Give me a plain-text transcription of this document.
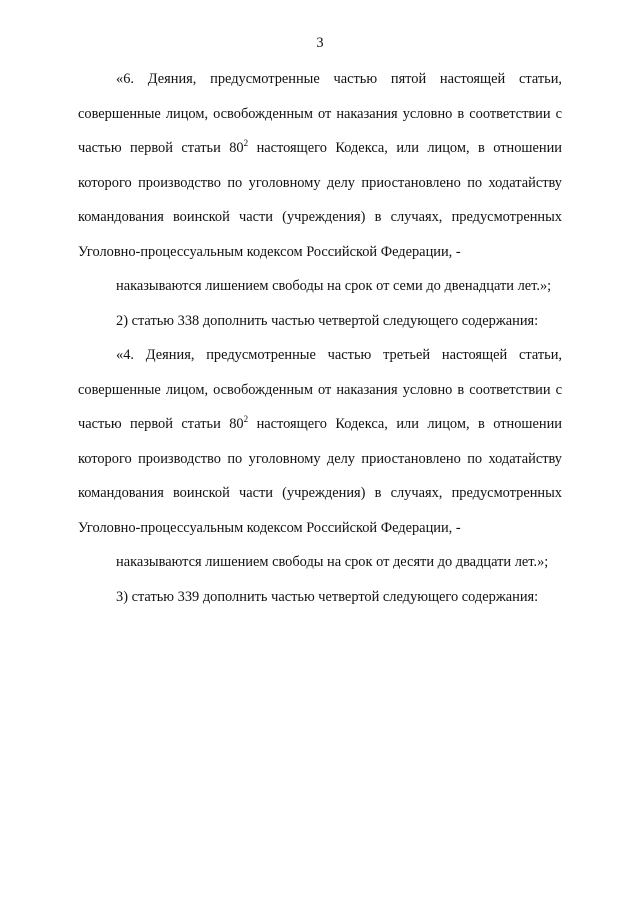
3

«6. Деяния, предусмотренные частью пятой настоящей статьи, совершенные лицом, освобожденным от наказания условно в соответствии с частью первой статьи $80^2$ настоящего Кодекса, или лицом, в отношении которого производство по уголовному делу приостановлено по ходатайству командования воинской части (учреждения) в случаях, предусмотренных Уголовно-процессуальным кодексом Российской Федерации, -

наказываются лишением свободы на срок от семи до двенадцати лет.»;

2) статью 338 дополнить частью четвертой следующего содержания:

«4. Деяния, предусмотренные частью третьей настоящей статьи, совершенные лицом, освобожденным от наказания условно в соответствии с частью первой статьи $80^2$ настоящего Кодекса, или лицом, в отношении которого производство по уголовному делу приостановлено по ходатайству командования воинской части (учреждения) в случаях, предусмотренных Уголовно-процессуальным кодексом Российской Федерации, -

наказываются лишением свободы на срок от десяти до двадцати лет.»;

3) статью 339 дополнить частью четвертой следующего содержания:
